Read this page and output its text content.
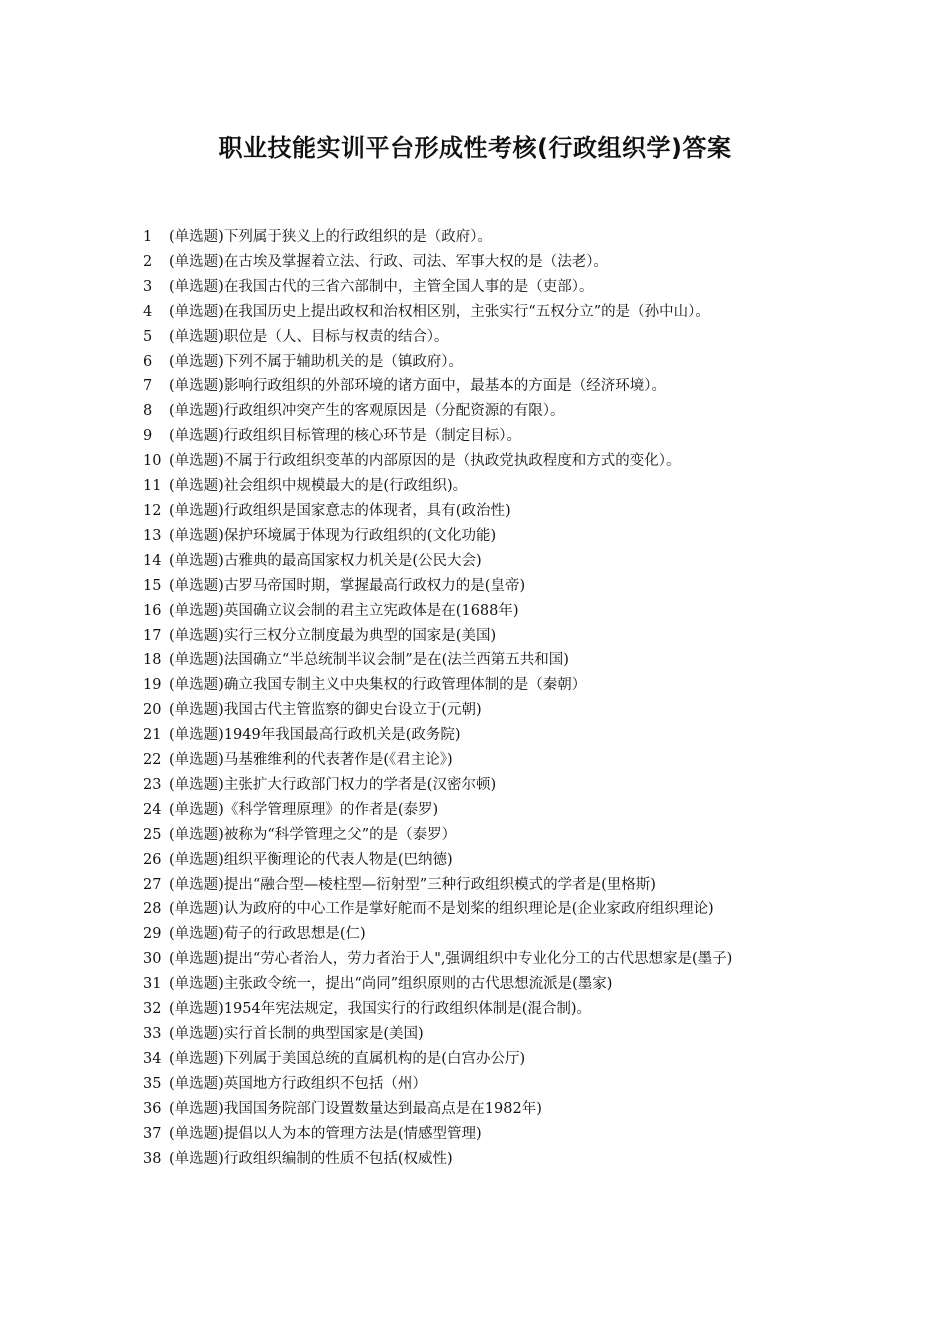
职业技能实训平台形成性考核(行政组织学)答案
1 (单选题)下列属于狭义上的行政组织的是（政府）。
2 (单选题)在古埃及掌握着立法、行政、司法、军事大权的是（法老）。
3 (单选题)在我国古代的三省六部制中，主管全国人事的是（吏部）。
4 (单选题)在我国历史上提出政权和治权相区别，主张实行“五权分立”的是（孙中山）。
5 (单选题)职位是（人、目标与权责的结合）。
6 (单选题)下列不属于辅助机关的是（镇政府）。
7 (单选题)影响行政组织的外部环境的诸方面中，最基本的方面是（经济环境）。
8 (单选题)行政组织冲突产生的客观原因是（分配资源的有限）。
9 (单选题)行政组织目标管理的核心环节是（制定目标）。
10 (单选题)不属于行政组织变革的内部原因的是（执政党执政程度和方式的变化）。
11 (单选题)社会组织中规模最大的是(行政组织)。
12 (单选题)行政组织是国家意志的体现者，具有(政治性)
13 (单选题)保护环境属于体现为行政组织的(文化功能)
14 (单选题)古雅典的最高国家权力机关是(公民大会)
15 (单选题)古罗马帝国时期，掌握最高行政权力的是(皇帝)
16 (单选题)英国确立议会制的君主立宪政体是在(1688年)
17 (单选题)实行三权分立制度最为典型的国家是(美国)
18 (单选题)法国确立“半总统制半议会制”是在(法兰西第五共和国)
19 (单选题)确立我国专制主义中央集权的行政管理体制的是（秦朝）
20 (单选题)我国古代主管监察的御史台设立于(元朝)
21 (单选题)1949年我国最高行政机关是(政务院)
22 (单选题)马基雅维利的代表著作是(《君主论》)
23 (单选题)主张扩大行政部门权力的学者是(汉密尔顿)
24 (单选题)《科学管理原理》的作者是(泰罗)
25 (单选题)被称为“科学管理之父”的是（泰罗）
26 (单选题)组织平衡理论的代表人物是(巴纳德)
27 (单选题)提出“融合型—棱柱型—衍射型”三种行政组织模式的学者是(里格斯)
28 (单选题)认为政府的中心工作是掌好舵而不是划桨的组织理论是(企业家政府组织理论)
29 (单选题)荀子的行政思想是(仁)
30 (单选题)提出“劳心者治人，劳力者治于人",强调组织中专业化分工的古代思想家是(墨子)
31 (单选题)主张政令统一，提出“尚同”组织原则的古代思想流派是(墨家)
32 (单选题)1954年宪法规定，我国实行的行政组织体制是(混合制)。
33 (单选题)实行首长制的典型国家是(美国)
34 (单选题)下列属于美国总统的直属机构的是(白宫办公厅)
35 (单选题)英国地方行政组织不包括（州）
36 (单选题)我国国务院部门设置数量达到最高点是在1982年)
37 (单选题)提倡以人为本的管理方法是(情感型管理)
38 (单选题)行政组织编制的性质不包括(权威性)
